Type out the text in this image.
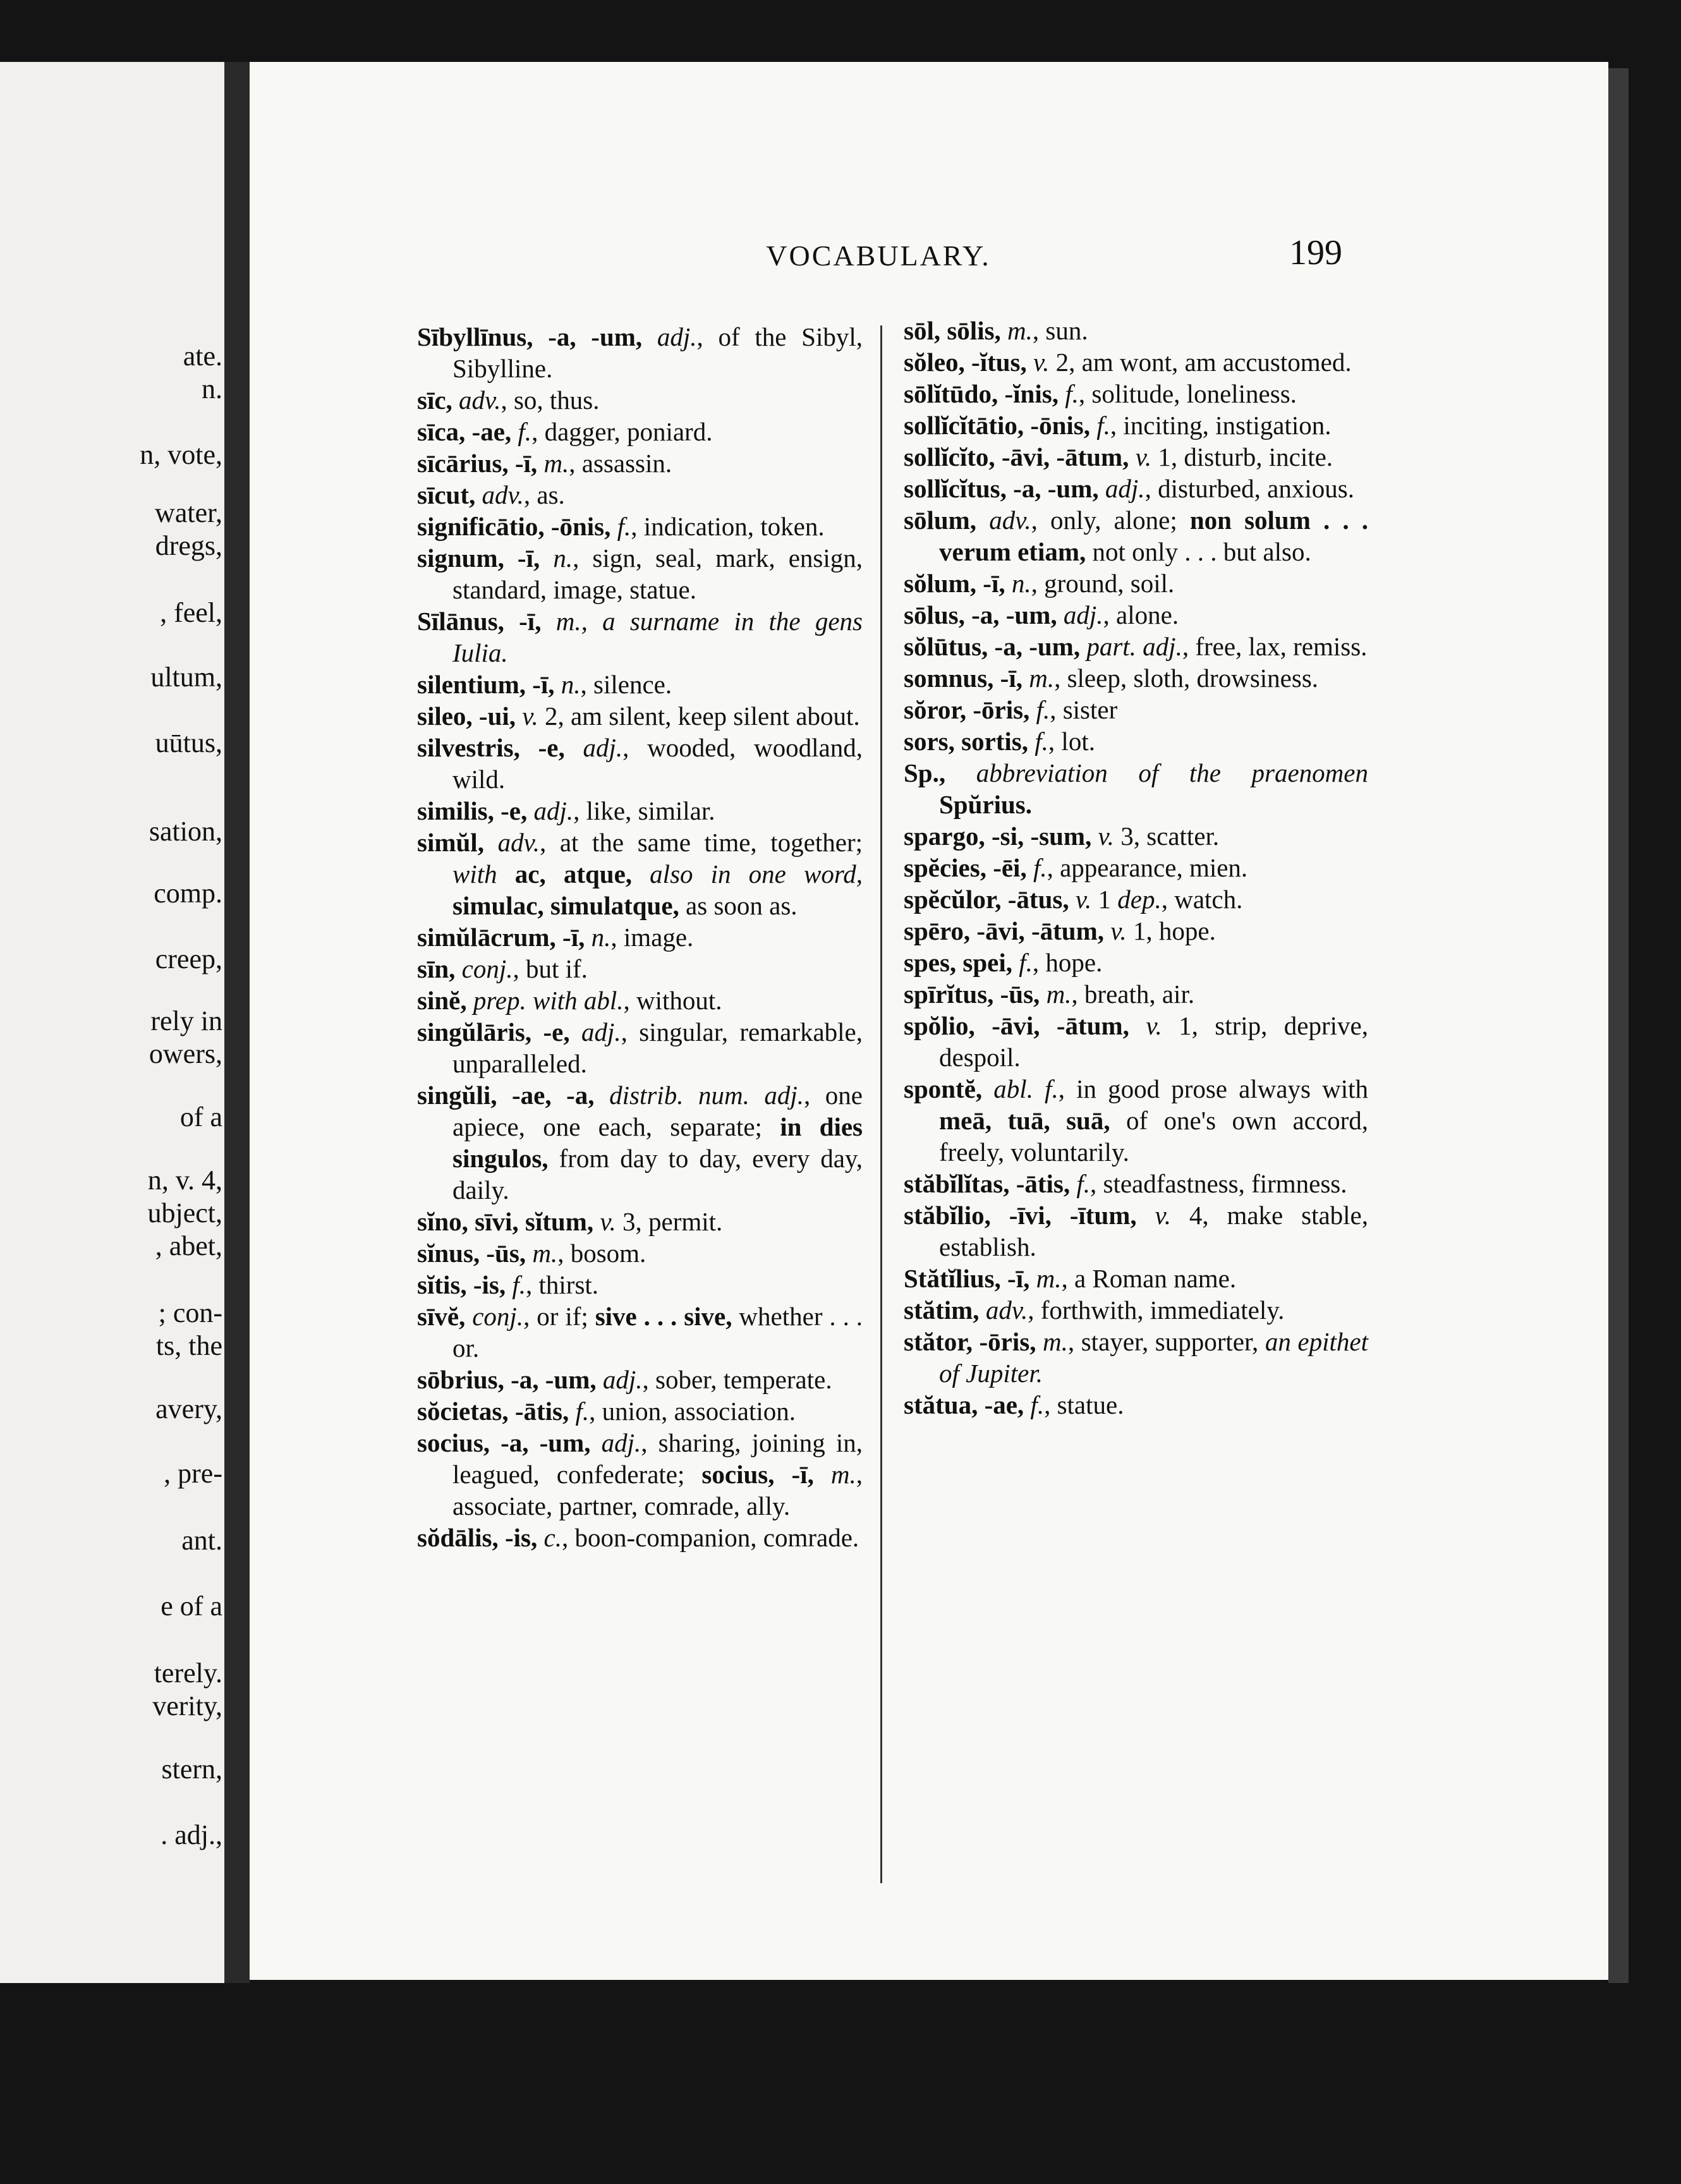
ate.
n.
n, vote,
water,
dregs,
, feel,
ultum,
uūtus,
sation,
comp.
creep,
rely in
owers,
of a
n, v. 4,
ubject,
, abet,
; con-
ts, the
avery,
, pre-
ant.
e of a
terely.
verity,
stern,
. adj.,
VOCABULARY.	199
Sībyllīnus, -a, -um, adj., of the Sibyl, Sibylline.
sīc, adv., so, thus.
sīca, -ae, f., dagger, poniard.
sīcārius, -ī, m., assassin.
sīcut, adv., as.
significātio, -ōnis, f., indication, token.
signum, -ī, n., sign, seal, mark, ensign, standard, image, statue.
Sīlānus, -ī, m., a surname in the gens Iulia.
silentium, -ī, n., silence.
sileo, -ui, v. 2, am silent, keep silent about.
silvestris, -e, adj., wooded, woodland, wild.
similis, -e, adj., like, similar.
simŭl, adv., at the same time, together; with ac, atque, also in one word, simulac, simulatque, as soon as.
simŭlācrum, -ī, n., image.
sīn, conj., but if.
sinĕ, prep. with abl., without.
singŭlāris, -e, adj., singular, remarkable, unparalleled.
singŭli, -ae, -a, distrib. num. adj., one apiece, one each, separate; in dies singulos, from day to day, every day, daily.
sĭno, sīvi, sĭtum, v. 3, permit.
sĭnus, -ūs, m., bosom.
sĭtis, -is, f., thirst.
sīvĕ, conj., or if; sive . . . sive, whether . . . or.
sōbrius, -a, -um, adj., sober, temperate.
sŏcietas, -ātis, f., union, association.
socius, -a, -um, adj., sharing, joining in, leagued, confederate; socius, -ī, m., associate, partner, comrade, ally.
sŏdālis, -is, c., boon-companion, comrade.
sōl, sōlis, m., sun.
sŏleo, -ĭtus, v. 2, am wont, am accustomed.
sōlĭtūdo, -ĭnis, f., solitude, loneliness.
sollĭcĭtātio, -ōnis, f., inciting, instigation.
sollĭcĭto, -āvi, -ātum, v. 1, disturb, incite.
sollĭcĭtus, -a, -um, adj., disturbed, anxious.
sōlum, adv., only, alone; non solum . . . verum etiam, not only . . . but also.
sŏlum, -ī, n., ground, soil.
sōlus, -a, -um, adj., alone.
sŏlūtus, -a, -um, part. adj., free, lax, remiss.
somnus, -ī, m., sleep, sloth, drowsiness.
sŏror, -ōris, f., sister
sors, sortis, f., lot.
Sp., abbreviation of the praenomen Spŭrius.
spargo, -si, -sum, v. 3, scatter.
spĕcies, -ēi, f., appearance, mien.
spĕcŭlor, -ātus, v. 1 dep., watch.
spēro, -āvi, -ātum, v. 1, hope.
spes, spei, f., hope.
spīrĭtus, -ūs, m., breath, air.
spŏlio, -āvi, -ātum, v. 1, strip, deprive, despoil.
spontĕ, abl. f., in good prose always with meā, tuā, suā, of one's own accord, freely, voluntarily.
stăbĭlĭtas, -ātis, f., steadfastness, firmness.
stăbĭlio, -īvi, -ītum, v. 4, make stable, establish.
Stătĭlius, -ī, m., a Roman name.
stătim, adv., forthwith, immediately.
stător, -ōris, m., stayer, supporter, an epithet of Jupiter.
stătua, -ae, f., statue.
